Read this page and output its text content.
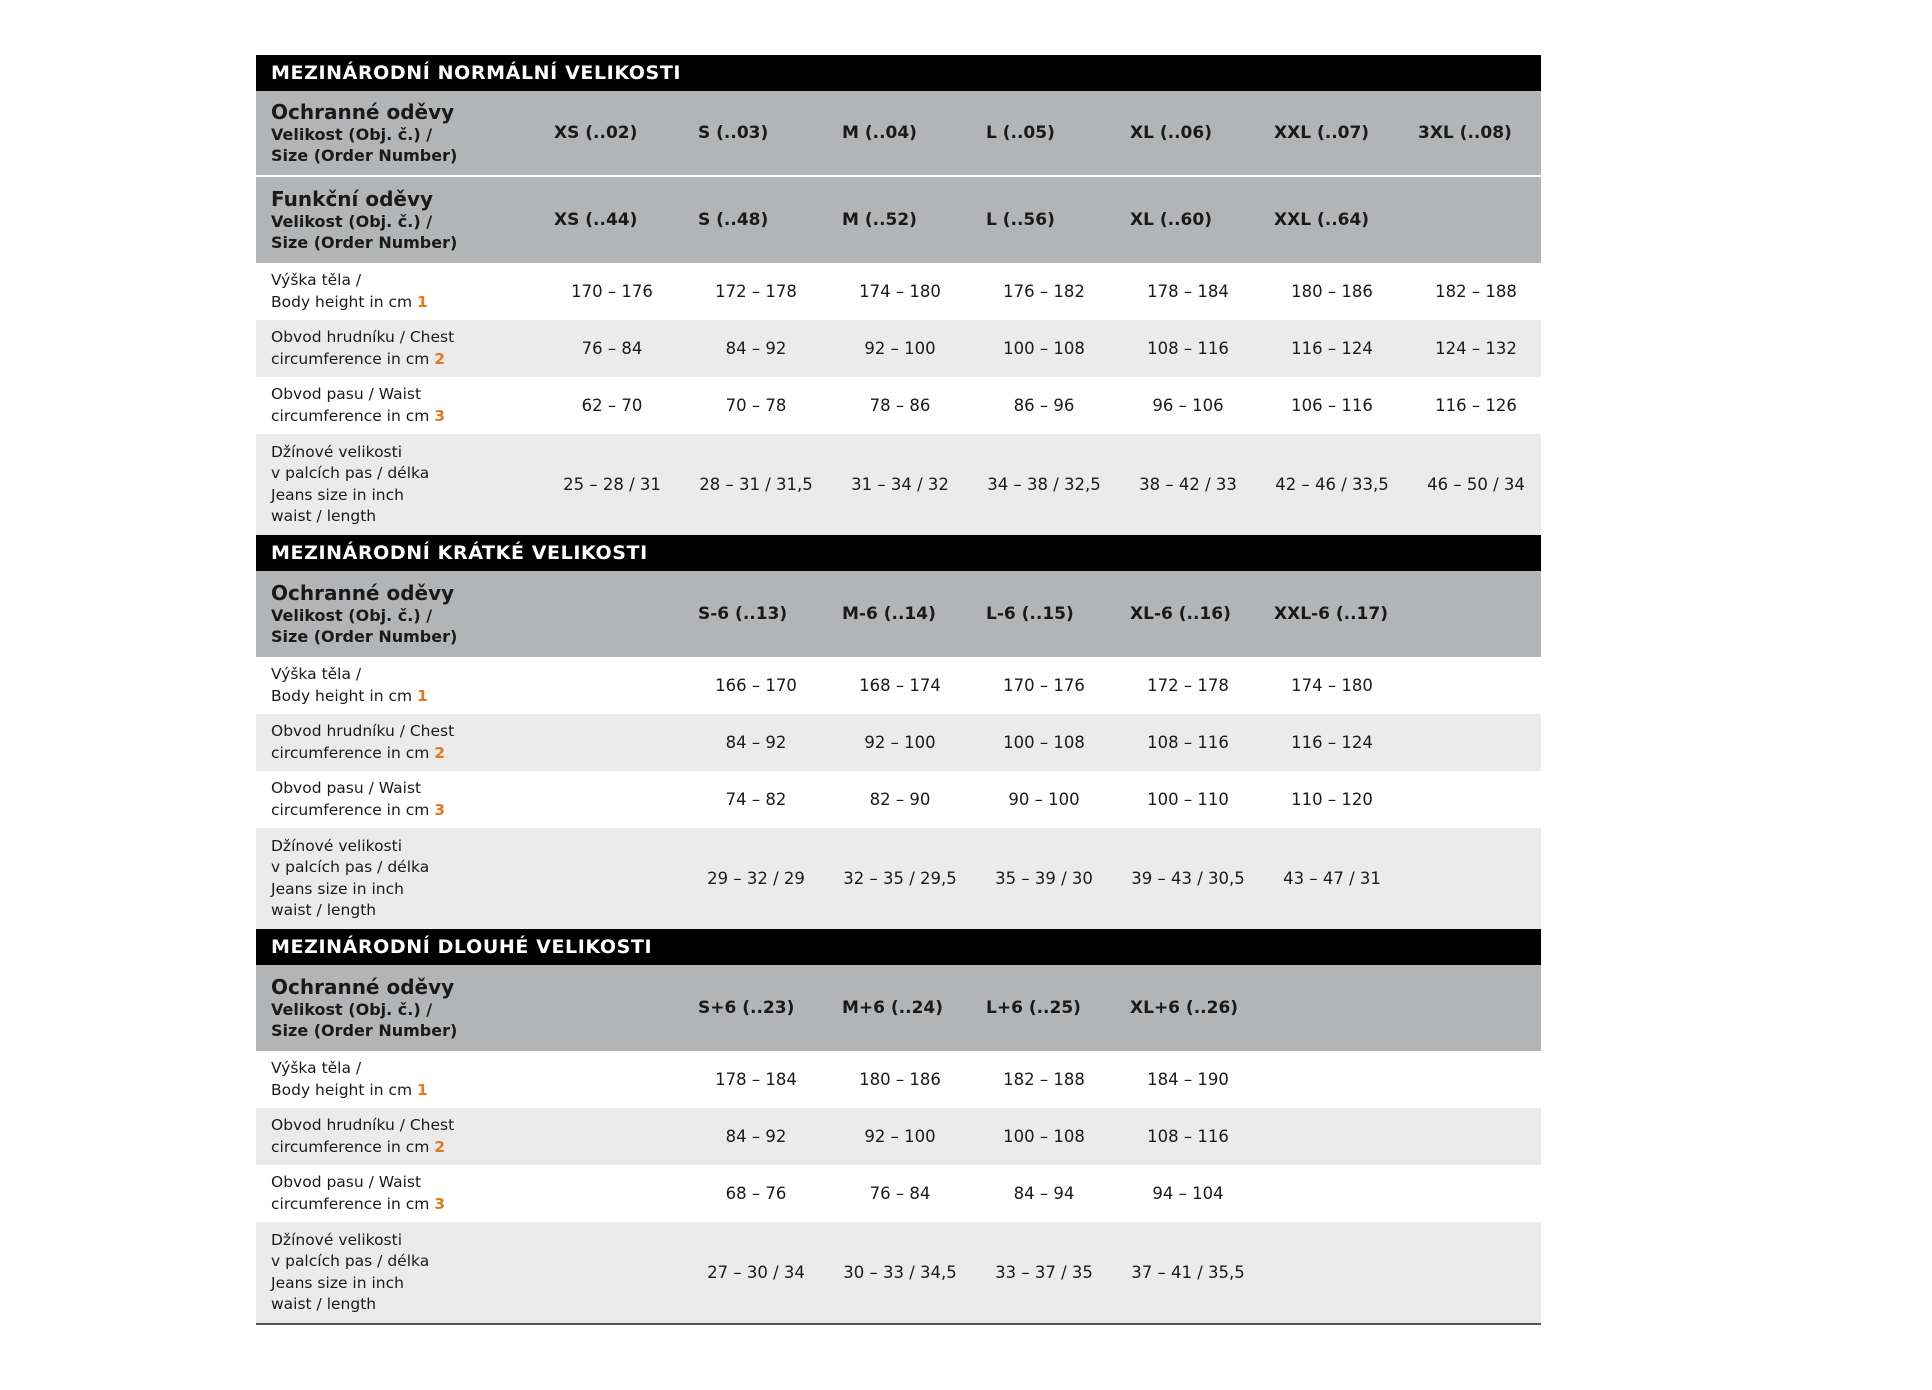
MEZINÁRODNÍ NORMÁLNÍ VELIKOSTI
Ochranné oděvy
Velikost (Obj. č.) /
Size (Order Number)
XS (..02)	S (..03)	M (..04)	L (..05)	XL (..06)	XXL (..07)	3XL (..08)
Funkční oděvy
Velikost (Obj. č.) /
Size (Order Number)
XS (..44)	S (..48)	M (..52)	L (..56)	XL (..60)	XXL (..64)
Výška těla /
Body height in cm 1
170 – 176	172 – 178	174 – 180	176 – 182	178 – 184	180 – 186	182 – 188
Obvod hrudníku / Chest
circumference in cm 2
76 – 84	84 – 92	92 – 100	100 – 108	108 – 116	116 – 124	124 – 132
Obvod pasu / Waist
circumference in cm 3
62 – 70	70 – 78	78 – 86	86 – 96	96 – 106	106 – 116	116 – 126
Džínové velikosti
v palcích pas / délka
Jeans size in inch
waist / length
25 – 28 / 31	28 – 31 / 31,5	31 – 34 / 32	34 – 38 / 32,5	38 – 42 / 33	42 – 46 / 33,5	46 – 50 / 34
MEZINÁRODNÍ KRÁTKÉ VELIKOSTI
Ochranné oděvy
Velikost (Obj. č.) /
Size (Order Number)
S-6 (..13)	M-6 (..14)	L-6 (..15)	XL-6 (..16)	XXL-6 (..17)
Výška těla /
Body height in cm 1
166 – 170	168 – 174	170 – 176	172 – 178	174 – 180
Obvod hrudníku / Chest
circumference in cm 2
84 – 92	92 – 100	100 – 108	108 – 116	116 – 124
Obvod pasu / Waist
circumference in cm 3
74 – 82	82 – 90	90 – 100	100 – 110	110 – 120
Džínové velikosti
v palcích pas / délka
Jeans size in inch
waist / length
29 – 32 / 29	32 – 35 / 29,5	35 – 39 / 30	39 – 43 / 30,5	43 – 47 / 31
MEZINÁRODNÍ DLOUHÉ VELIKOSTI
Ochranné oděvy
Velikost (Obj. č.) /
Size (Order Number)
S+6 (..23)	M+6 (..24)	L+6 (..25)	XL+6 (..26)
Výška těla /
Body height in cm 1
178 – 184	180 – 186	182 – 188	184 – 190
Obvod hrudníku / Chest
circumference in cm 2
84 – 92	92 – 100	100 – 108	108 – 116
Obvod pasu / Waist
circumference in cm 3
68 – 76	76 – 84	84 – 94	94 – 104
Džínové velikosti
v palcích pas / délka
Jeans size in inch
waist / length
27 – 30 / 34	30 – 33 / 34,5	33 – 37 / 35	37 – 41 / 35,5
